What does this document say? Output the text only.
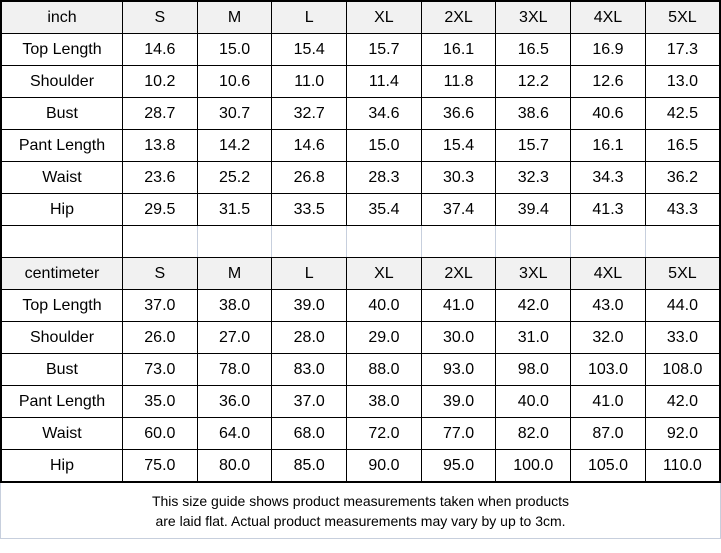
inch	S	M	L	XL	2XL	3XL	4XL	5XL
Top Length	14.6	15.0	15.4	15.7	16.1	16.5	16.9	17.3
Shoulder	10.2	10.6	11.0	11.4	11.8	12.2	12.6	13.0
Bust	28.7	30.7	32.7	34.6	36.6	38.6	40.6	42.5
Pant Length	13.8	14.2	14.6	15.0	15.4	15.7	16.1	16.5
Waist	23.6	25.2	26.8	28.3	30.3	32.3	34.3	36.2
Hip	29.5	31.5	33.5	35.4	37.4	39.4	41.3	43.3

centimeter	S	M	L	XL	2XL	3XL	4XL	5XL
Top Length	37.0	38.0	39.0	40.0	41.0	42.0	43.0	44.0
Shoulder	26.0	27.0	28.0	29.0	30.0	31.0	32.0	33.0
Bust	73.0	78.0	83.0	88.0	93.0	98.0	103.0	108.0
Pant Length	35.0	36.0	37.0	38.0	39.0	40.0	41.0	42.0
Waist	60.0	64.0	68.0	72.0	77.0	82.0	87.0	92.0
Hip	75.0	80.0	85.0	90.0	95.0	100.0	105.0	110.0
This size guide shows product measurements taken when products
are laid flat. Actual product measurements may vary by up to 3cm.
